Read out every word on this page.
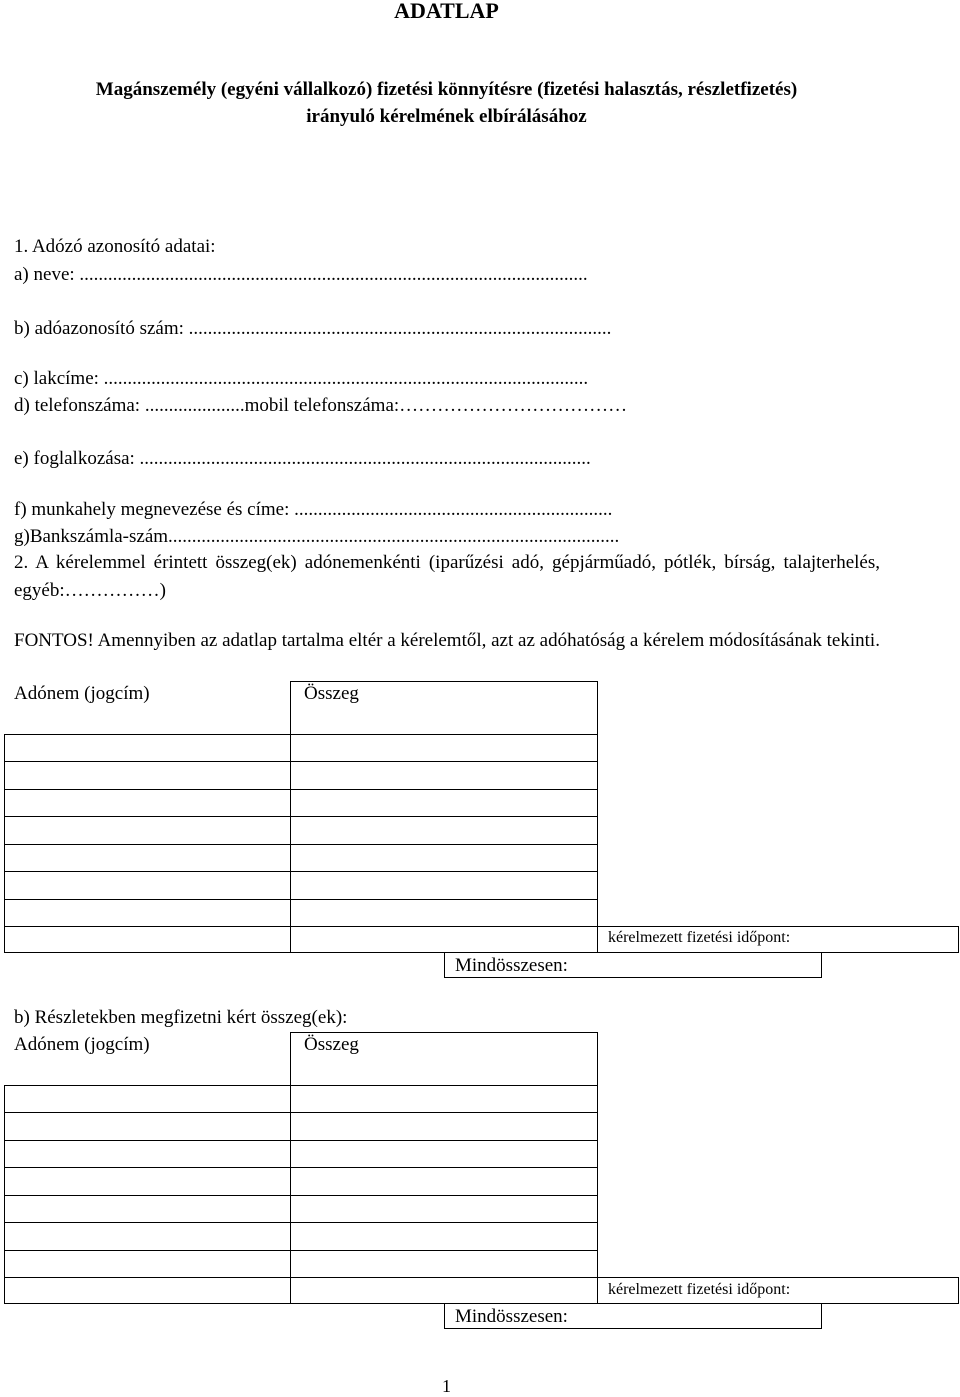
ADATLAP
Magánszemély (egyéni vállalkozó) fizetési könnyítésre (fizetési halasztás, részletfizetés)
irányuló kérelmének elbírálásához
1. Adózó azonosító adatai:
a) neve: ...........................................................................................................
b) adóazonosító szám: .........................................................................................
c) lakcíme: ......................................................................................................
d) telefonszáma: .....................mobil telefonszáma:………………………………
e) foglalkozása: ...............................................................................................
f) munkahely megnevezése és címe: ...................................................................
g)Bankszámla-szám...............................................................................................
2. A kérelemmel érintett összeg(ek) adónemenkénti (iparűzési adó, gépjárműadó, pótlék, bírság, talajterhelés, egyéb:……………)
FONTOS! Amennyiben az adatlap tartalma eltér a kérelemtől, azt az adóhatóság a kérelem módosításának tekinti.
Adónem (jogcím)	Összeg
kérelmezett fizetési időpont:
Mindösszesen:
b) Részletekben megfizetni kért összeg(ek):
Adónem (jogcím)	Összeg
kérelmezett fizetési időpont:
Mindösszesen:
1
